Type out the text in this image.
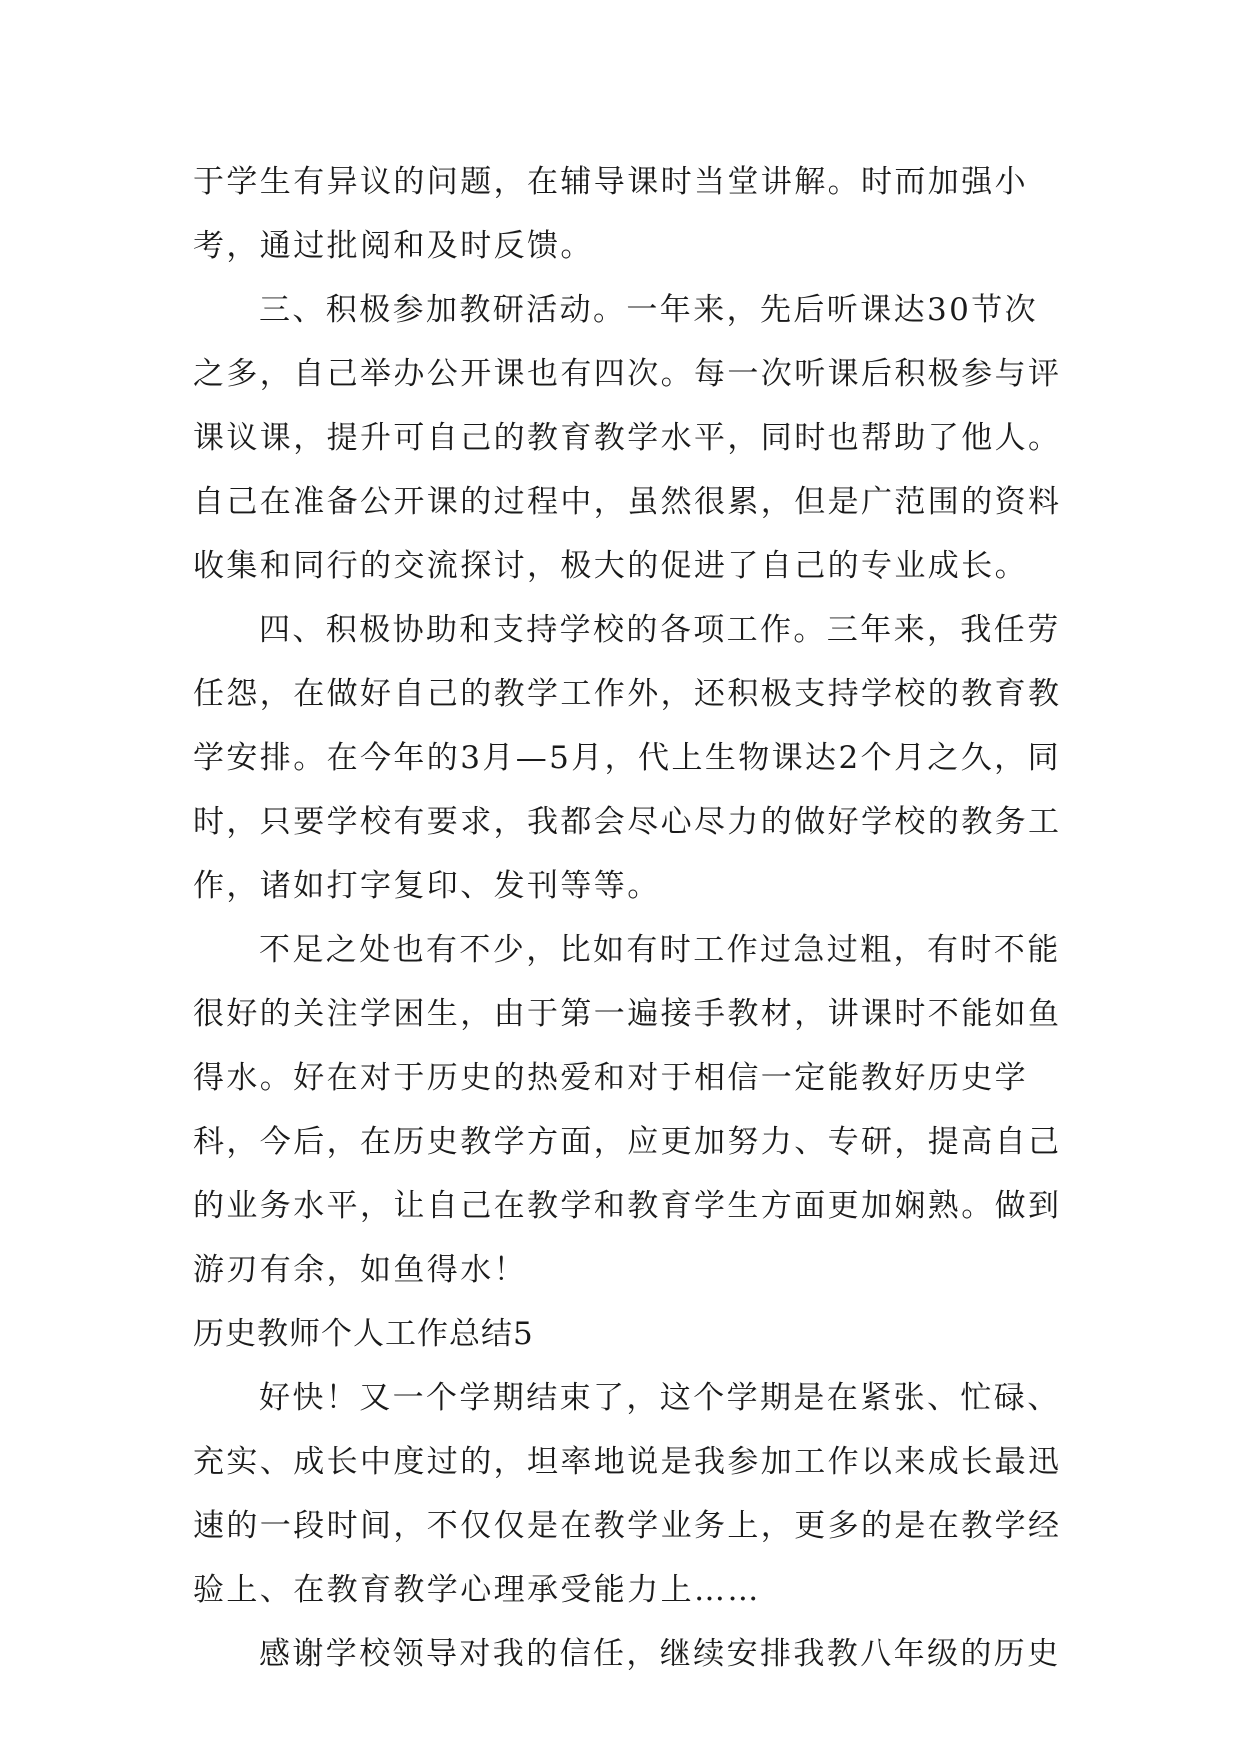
于学生有异议的问题，在辅导课时当堂讲解。时而加强小考，通过批阅和及时反馈。

三、积极参加教研活动。一年来，先后听课达30节次之多，自己举办公开课也有四次。每一次听课后积极参与评课议课，提升可自己的教育教学水平，同时也帮助了他人。自己在准备公开课的过程中，虽然很累，但是广范围的资料收集和同行的交流探讨，极大的促进了自己的专业成长。

四、积极协助和支持学校的各项工作。三年来，我任劳任怨，在做好自己的教学工作外，还积极支持学校的教育教学安排。在今年的3月—5月，代上生物课达2个月之久，同时，只要学校有要求，我都会尽心尽力的做好学校的教务工作，诸如打字复印、发刊等等。

不足之处也有不少，比如有时工作过急过粗，有时不能很好的关注学困生，由于第一遍接手教材，讲课时不能如鱼得水。好在对于历史的热爱和对于相信一定能教好历史学科，今后，在历史教学方面，应更加努力、专研，提高自己的业务水平，让自己在教学和教育学生方面更加娴熟。做到游刃有余，如鱼得水！

历史教师个人工作总结5

好快！又一个学期结束了，这个学期是在紧张、忙碌、充实、成长中度过的，坦率地说是我参加工作以来成长最迅速的一段时间，不仅仅是在教学业务上，更多的是在教学经验上、在教育教学心理承受能力上……

感谢学校领导对我的信任，继续安排我教八年级的历史
